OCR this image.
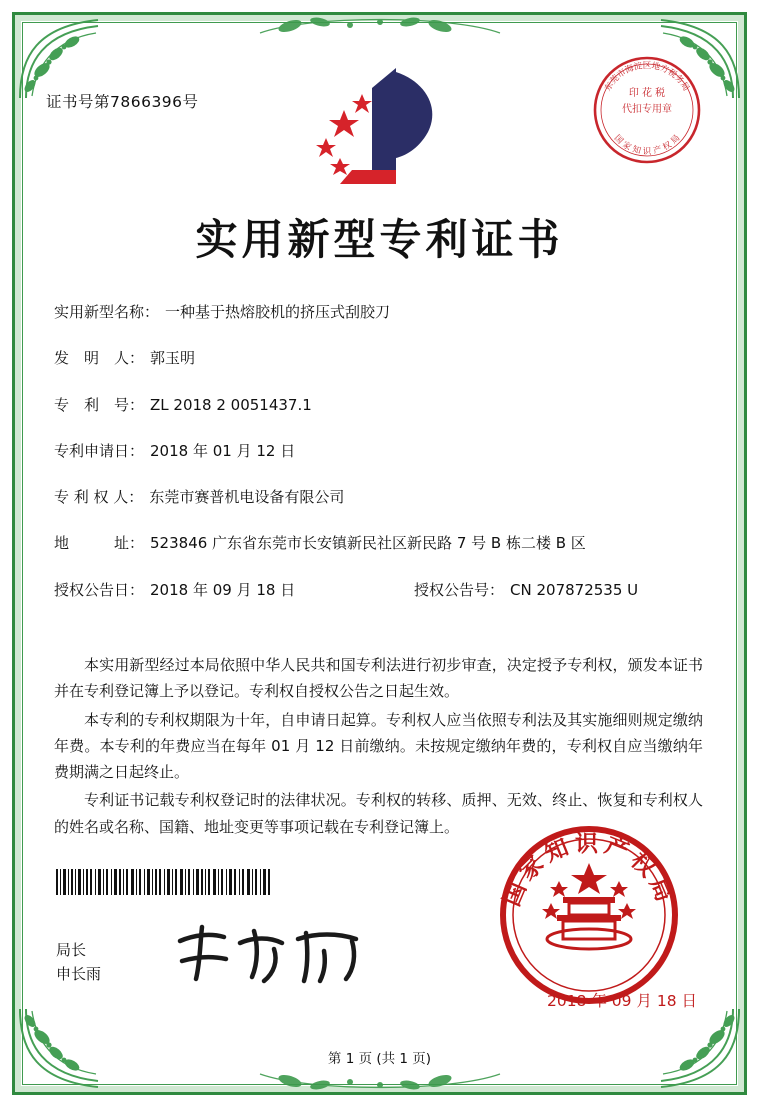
证书号第7866396号	印 花 税
代扣专用章
东莞市海淀区地方税务局
国 家 知 识 产 权 局
实用新型专利证书
实用新型名称： 一种基于热熔胶机的挤压式刮胶刀
发　明　人： 郭玉明
专　利　号： ZL 2018 2 0051437.1
专利申请日： 2018 年 01 月 12 日
专 利 权 人： 东莞市赛普机电设备有限公司
地　　　址： 523846 广东省东莞市长安镇新民社区新民路 7 号 B 栋二楼 B 区
授权公告日： 2018 年 09 月 18 日	授权公告号： CN 207872535 U

本实用新型经过本局依照中华人民共和国专利法进行初步审查，决定授予专利权，颁发本证书并在专利登记簿上予以登记。专利权自授权公告之日起生效。

本专利的专利权期限为十年，自申请日起算。专利权人应当依照专利法及其实施细则规定缴纳年费。本专利的年费应当在每年 01 月 12 日前缴纳。未按规定缴纳年费的，专利权自应当缴纳年费期满之日起终止。

专利证书记载专利权登记时的法律状况。专利权的转移、质押、无效、终止、恢复和专利权人的姓名或名称、国籍、地址变更等事项记载在专利登记簿上。

局长
申长雨
国家知识产权局
2018 年 09 月 18 日
第 1 页 (共 1 页)
